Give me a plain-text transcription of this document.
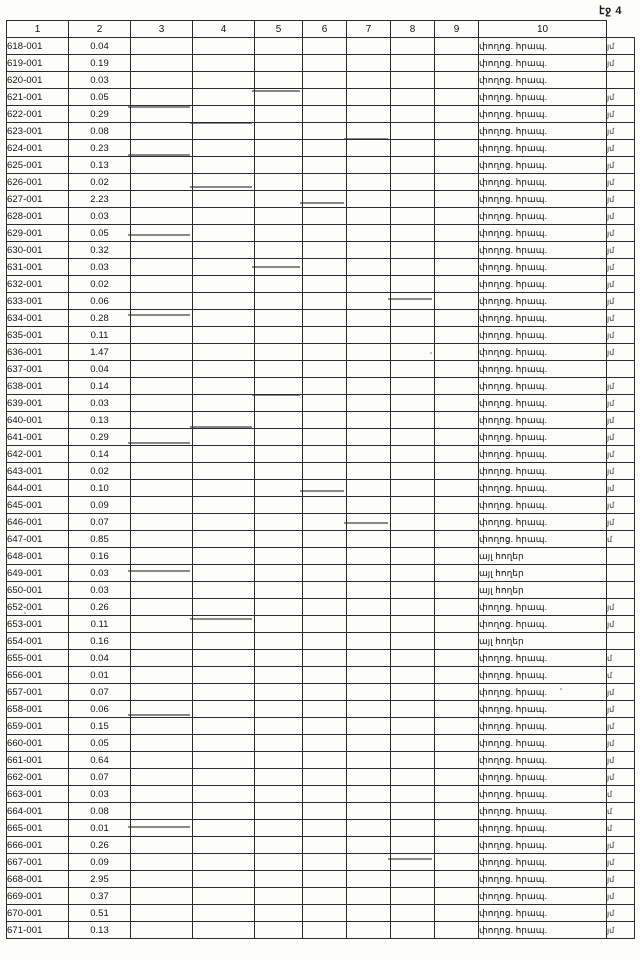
էջ 4
1	2	3	4	5	6	7	8	9	10	
618-001	0.04								փողոց. հրապ.	յմ
619-001	0.19								փողոց. հրապ.	յմ
620-001	0.03								փողոց. հրապ.	
621-001	0.05								փողոց. հրապ.	յմ
622-001	0.29								փողոց. հրապ.	յմ
623-001	0.08								փողոց. հրապ.	յմ
624-001	0.23								փողոց. հրապ.	յմ
625-001	0.13								փողոց. հրապ.	յմ
626-001	0.02								փողոց. հրապ.	յմ
627-001	2.23								փողոց. հրապ.	յմ
628-001	0.03								փողոց. հրապ.	յմ
629-001	0.05								փողոց. հրապ.	յմ
630-001	0.32								փողոց. հրապ.	յմ
631-001	0.03								փողոց. հրապ.	յմ
632-001	0.02								փողոց. հրապ.	յմ
633-001	0.06								փողոց. հրապ.	յմ
634-001	0.28								փողոց. հրապ.	յմ
635-001	0.11								փողոց. հրապ.	յմ
636-001	1.47								փողոց. հրապ.	յմ
637-001	0.04								փողոց. հրապ.	
638-001	0.14								փողոց. հրապ.	յմ
639-001	0.03								փողոց. հրապ.	յմ
640-001	0.13								փողոց. հրապ.	յմ
641-001	0.29								փողոց. հրապ.	յմ
642-001	0.14								փողոց. հրապ.	յմ
643-001	0.02								փողոց. հրապ.	յմ
644-001	0.10								փողոց. հրապ.	յմ
645-001	0.09								փողոց. հրապ.	յմ
646-001	0.07								փողոց. հրապ.	յմ
647-001	0.85								փողոց. հրապ.	մ
648-001	0.16								այլ հողեր	
649-001	0.03								այլ հողեր	
650-001	0.03								այլ հողեր	
652-001	0.26								փողոց. հրապ.	յմ
653-001	0.11								փողոց. հրապ.	յմ
654-001	0.16								այլ հողեր	
655-001	0.04								փողոց. հրապ.	մ
656-001	0.01								փողոց. հրապ.	մ
657-001	0.07								փողոց. հրապ.	յմ
658-001	0.06								փողոց. հրապ.	յմ
659-001	0.15								փողոց. հրապ.	յմ
660-001	0.05								փողոց. հրապ.	յմ
661-001	0.64								փողոց. հրապ.	յմ
662-001	0.07								փողոց. հրապ.	յմ
663-001	0.03								փողոց. հրապ.	մ
664-001	0.08								փողոց. հրապ.	մ
665-001	0.01								փողոց. հրապ.	մ
666-001	0.26								փողոց. հրապ.	յմ
667-001	0.09								փողոց. հրապ.	յմ
668-001	2.95								փողոց. հրապ.	յմ
669-001	0.37								փողոց. հրապ.	յմ
670-001	0.51								փողոց. հրապ.	յմ
671-001	0.13								փողոց. հրապ.	յմ
